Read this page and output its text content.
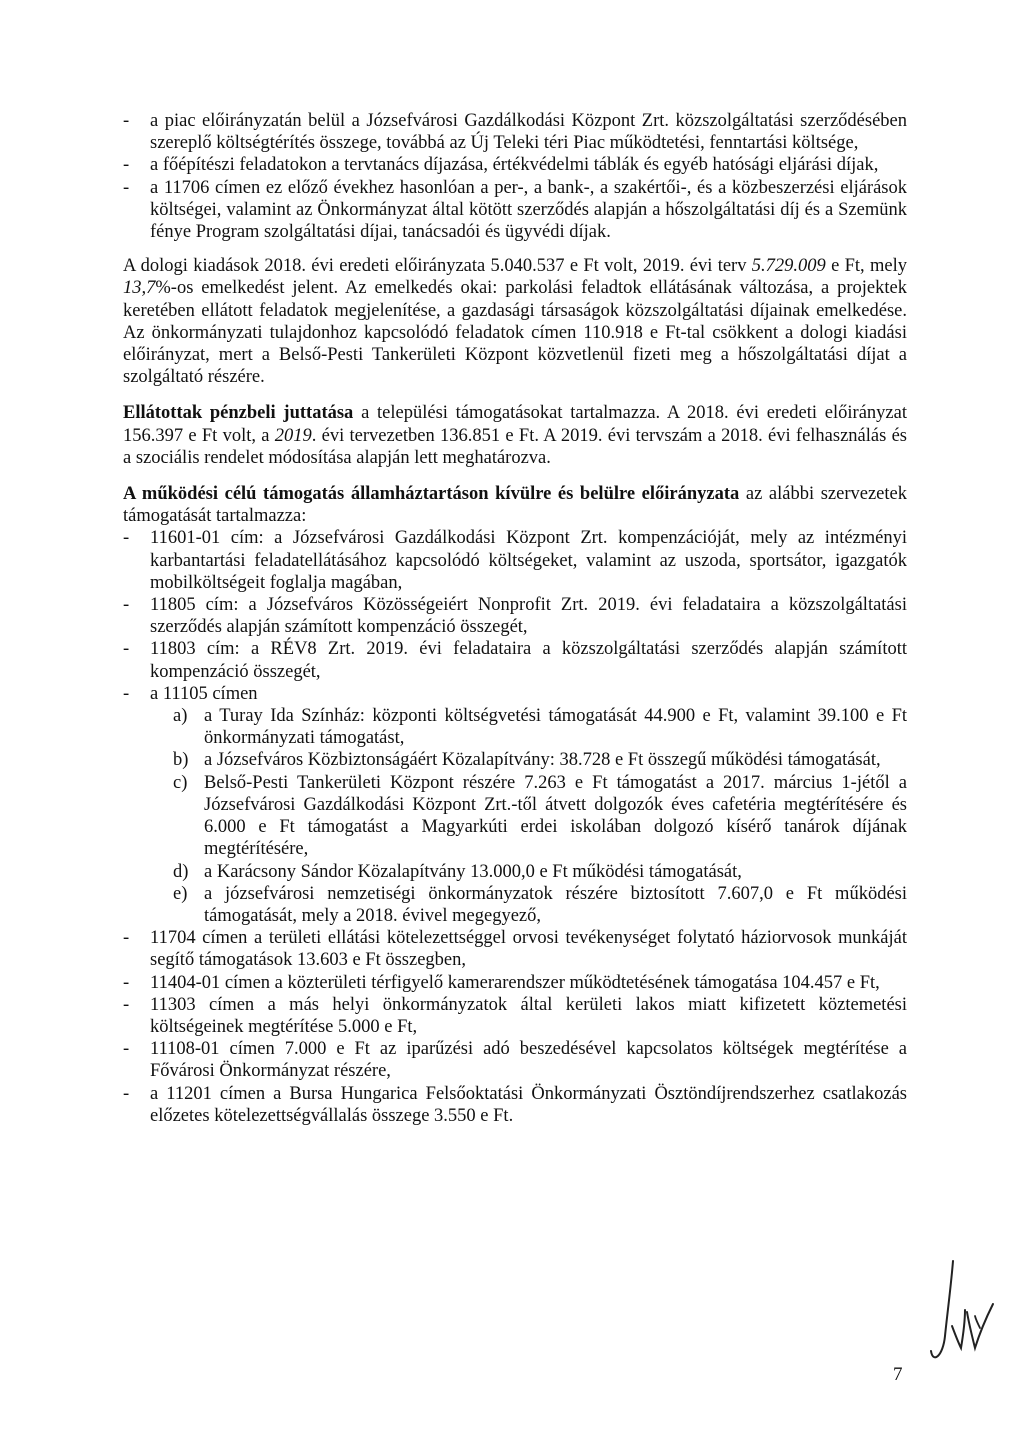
- a piac előirányzatán belül a Józsefvárosi Gazdálkodási Központ Zrt. közszolgáltatási szerződésében szereplő költségtérítés összege, továbbá az Új Teleki téri Piac működtetési, fenntartási költsége,
- a főépítészi feladatokon a tervtanács díjazása, értékvédelmi táblák és egyéb hatósági eljárási díjak,
- a 11706 címen ez előző évekhez hasonlóan a per-, a bank-, a szakértői-, és a közbeszerzési eljárások költségei, valamint az Önkormányzat által kötött szerződés alapján a hőszolgáltatási díj és a Szemünk fénye Program szolgáltatási díjai, tanácsadói és ügyvédi díjak.

A dologi kiadások 2018. évi eredeti előirányzata 5.040.537 e Ft volt, 2019. évi terv 5.729.009 e Ft, mely 13,7%-os emelkedést jelent. Az emelkedés okai: parkolási feladtok ellátásának változása, a projektek keretében ellátott feladatok megjelenítése, a gazdasági társaságok közszolgáltatási díjainak emelkedése. Az önkormányzati tulajdonhoz kapcsolódó feladatok címen 110.918 e Ft-tal csökkent a dologi kiadási előirányzat, mert a Belső-Pesti Tankerületi Központ közvetlenül fizeti meg a hőszolgáltatási díjat a szolgáltató részére.

Ellátottak pénzbeli juttatása a települési támogatásokat tartalmazza. A 2018. évi eredeti előirányzat 156.397 e Ft volt, a 2019. évi tervezetben 136.851 e Ft. A 2019. évi tervszám a 2018. évi felhasználás és a szociális rendelet módosítása alapján lett meghatározva.

A működési célú támogatás államháztartáson kívülre és belülre előirányzata az alábbi szervezetek támogatását tartalmazza:

- 11601-01 cím: a Józsefvárosi Gazdálkodási Központ Zrt. kompenzációját, mely az intézményi karbantartási feladatellátásához kapcsolódó költségeket, valamint az uszoda, sportsátor, igazgatók mobilköltségeit foglalja magában,
- 11805 cím: a Józsefváros Közösségeiért Nonprofit Zrt. 2019. évi feladataira a közszolgáltatási szerződés alapján számított kompenzáció összegét,
- 11803 cím: a RÉV8 Zrt. 2019. évi feladataira a közszolgáltatási szerződés alapján számított kompenzáció összegét,
- a 11105 címen
a) a Turay Ida Színház: központi költségvetési támogatását 44.900 e Ft, valamint 39.100 e Ft önkormányzati támogatást,
b) a Józsefváros Közbiztonságáért Közalapítvány: 38.728 e Ft összegű működési támogatását,
c) Belső-Pesti Tankerületi Központ részére 7.263 e Ft támogatást a 2017. március 1-jétől a Józsefvárosi Gazdálkodási Központ Zrt.-től átvett dolgozók éves cafetéria megtérítésére és 6.000 e Ft támogatást a Magyarkúti erdei iskolában dolgozó kísérő tanárok díjának megtérítésére,
d) a Karácsony Sándor Közalapítvány 13.000,0 e Ft működési támogatását,
e) a józsefvárosi nemzetiségi önkormányzatok részére biztosított 7.607,0 e Ft működési támogatását, mely a 2018. évivel megegyező,
- 11704 címen a területi ellátási kötelezettséggel orvosi tevékenységet folytató háziorvosok munkáját segítő támogatások 13.603 e Ft összegben,
- 11404-01 címen a közterületi térfigyelő kamerarendszer működtetésének támogatása 104.457 e Ft,
- 11303 címen a más helyi önkormányzatok által kerületi lakos miatt kifizetett köztemetési költségeinek megtérítése 5.000 e Ft,
- 11108-01 címen 7.000 e Ft az iparűzési adó beszedésével kapcsolatos költségek megtérítése a Fővárosi Önkormányzat részére,
- a 11201 címen a Bursa Hungarica Felsőoktatási Önkormányzati Ösztöndíjrendszerhez csatlakozás előzetes kötelezettségvállalás összege 3.550 e Ft.
7
